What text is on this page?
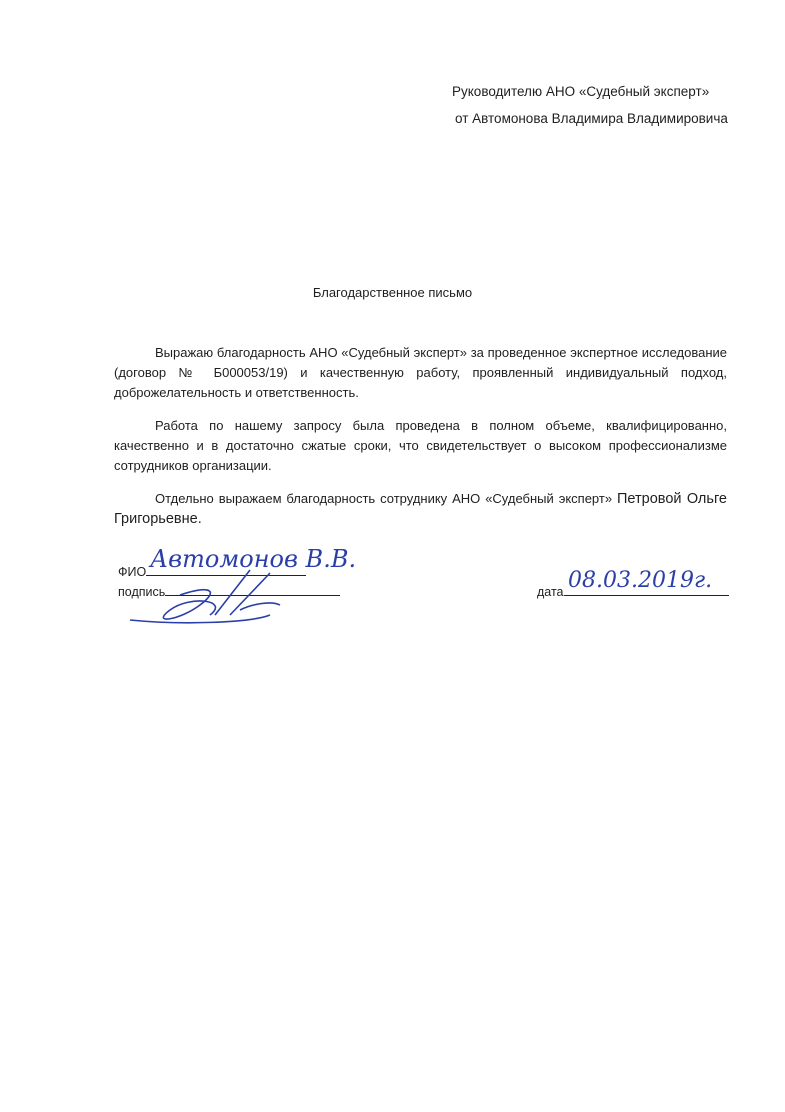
Руководителю АНО «Судебный эксперт»
от Автомонова Владимира Владимировича
Благодарственное письмо

Выражаю благодарность АНО «Судебный эксперт» за проведенное экспертное исследование (договор № Б000053/19) и качественную работу, проявленный индивидуальный подход, доброжелательность и ответственность.

Работа по нашему запросу была проведена в полном объеме, квалифицированно, качественно и в достаточно сжатые сроки, что свидетельствует о высоком профессионализме сотрудников организации.

Отдельно выражаем благодарность сотруднику АНО «Судебный эксперт» Петровой Ольге Григорьевне.

ФИО Автомонов В.В.
подпись	дата 08.03.2019г.
